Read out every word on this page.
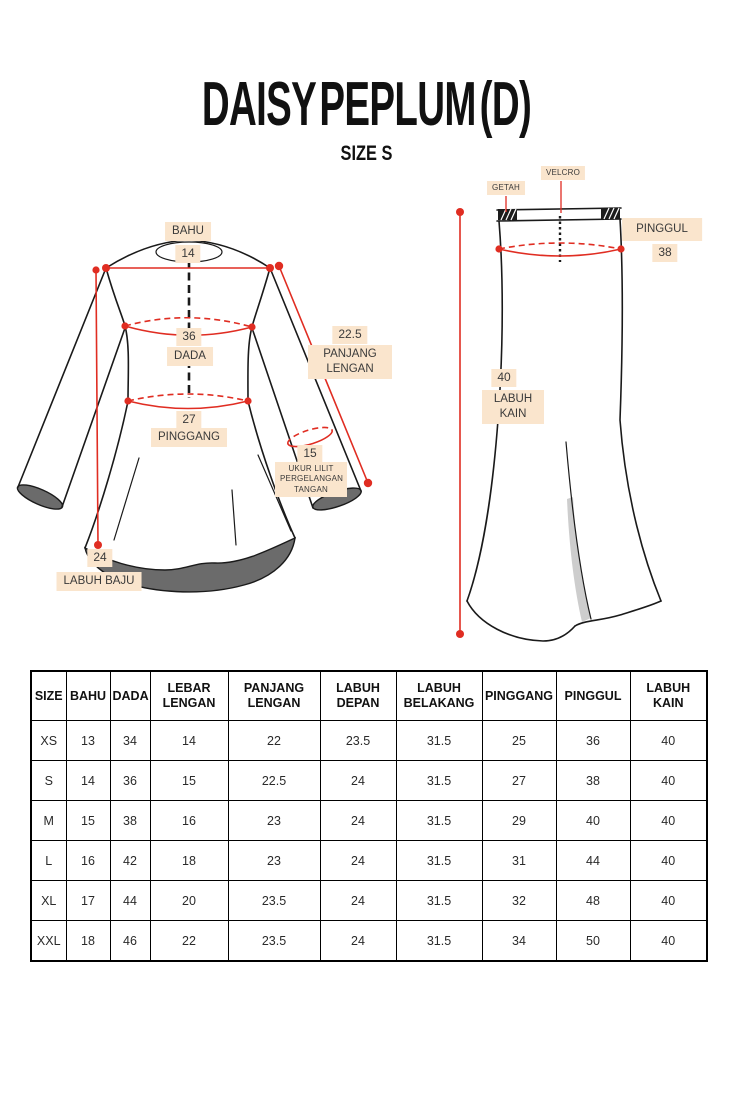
DAISY PEPLUM (D)
SIZE S
BAHU
14
36
DADA
27
PINGGANG
22.5
PANJANG LENGAN
15
UKUR LILIT PERGELANGAN TANGAN
24
LABUH BAJU
GETAH
VELCRO
PINGGUL
38
40
LABUH KAIN
SIZE	BAHU	DADA	LEBAR LENGAN	PANJANG LENGAN	LABUH DEPAN	LABUH BELAKANG	PINGGANG	PINGGUL	LABUH KAIN
XS	13	34	14	22	23.5	31.5	25	36	40
S	14	36	15	22.5	24	31.5	27	38	40
M	15	38	16	23	24	31.5	29	40	40
L	16	42	18	23	24	31.5	31	44	40
XL	17	44	20	23.5	24	31.5	32	48	40
XXL	18	46	22	23.5	24	31.5	34	50	40
